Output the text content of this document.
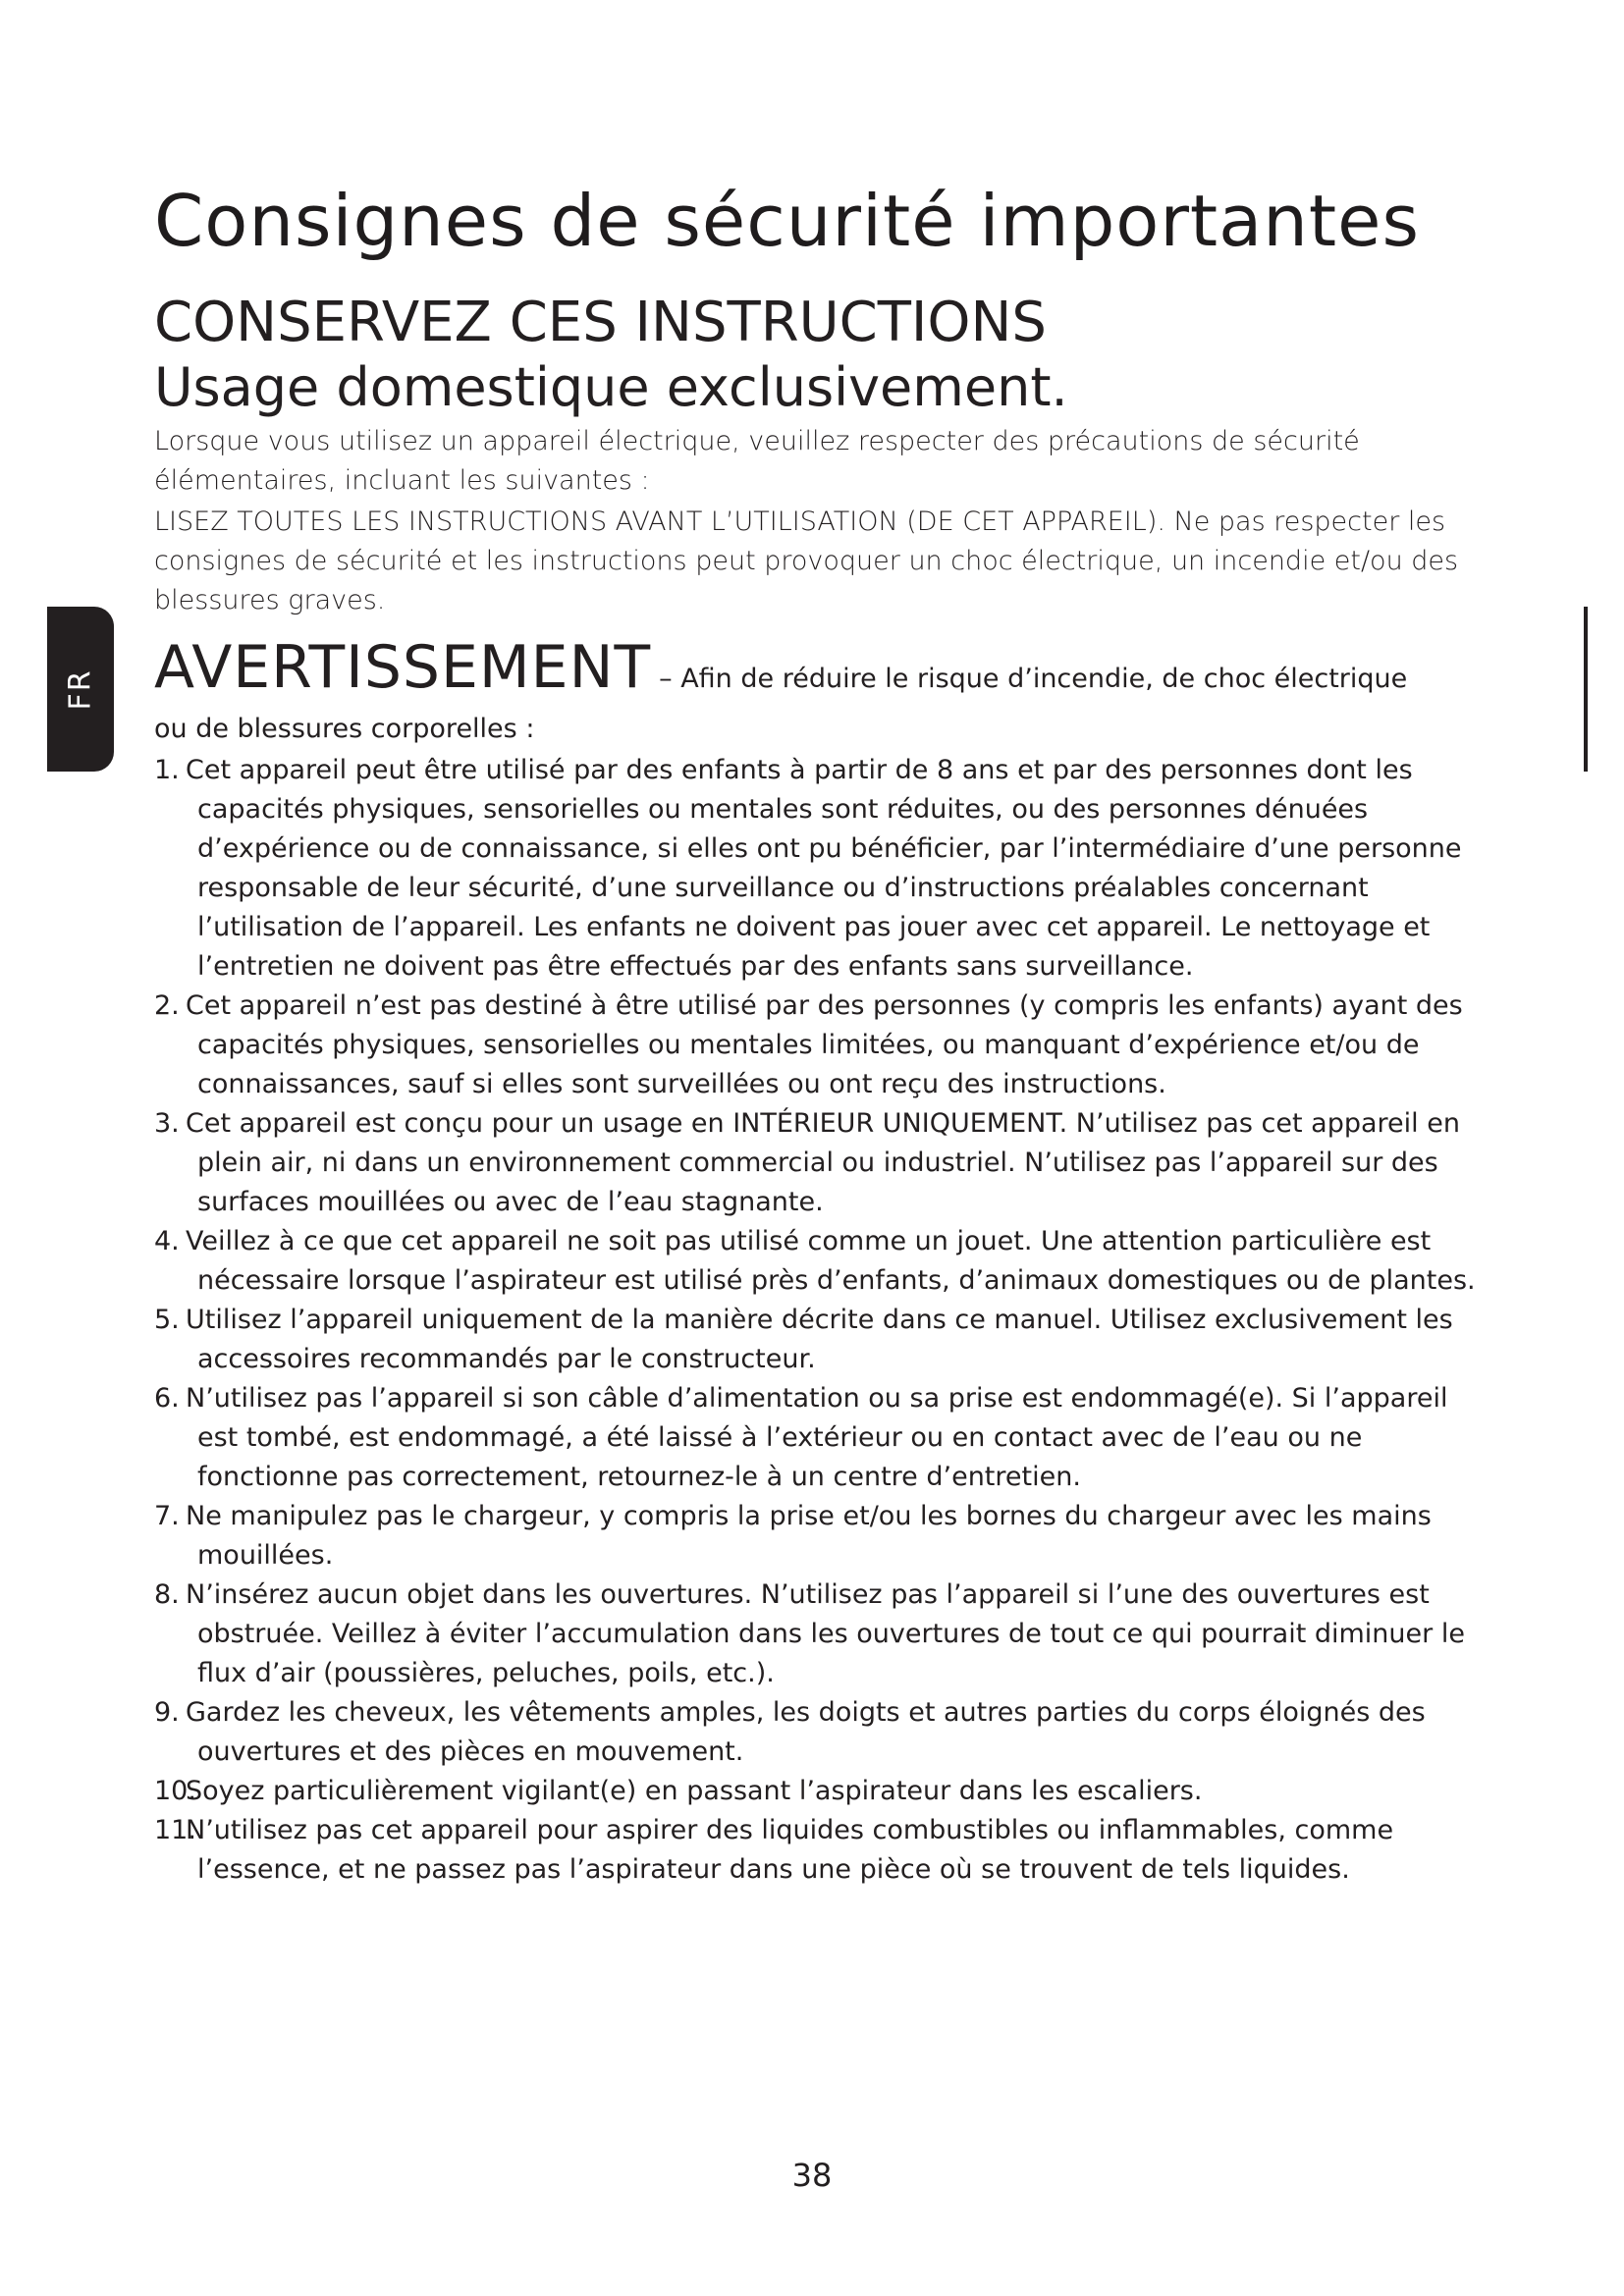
FR
Consignes de sécurité importantes
CONSERVEZ CES INSTRUCTIONS
Usage domestique exclusivement.

Lorsque vous utilisez un appareil électrique, veuillez respecter des précautions de sécurité élémentaires, incluant les suivantes :

LISEZ TOUTES LES INSTRUCTIONS AVANT L’UTILISATION (DE CET APPAREIL). Ne pas respecter les consignes de sécurité et les instructions peut provoquer un choc électrique, un incendie et/ou des blessures graves.

AVERTISSEMENT – Afin de réduire le risque d’incendie, de choc électrique
ou de blessures corporelles :
1. Cet appareil peut être utilisé par des enfants à partir de 8 ans et par des personnes dont les capacités physiques, sensorielles ou mentales sont réduites, ou des personnes dénuées d’expérience ou de connaissance, si elles ont pu bénéficier, par l’intermédiaire d’une personne responsable de leur sécurité, d’une surveillance ou d’instructions préalables concernant l’utilisation de l’appareil. Les enfants ne doivent pas jouer avec cet appareil. Le nettoyage et l’entretien ne doivent pas être effectués par des enfants sans surveillance.
2. Cet appareil n’est pas destiné à être utilisé par des personnes (y compris les enfants) ayant des capacités physiques, sensorielles ou mentales limitées, ou manquant d’expérience et/ou de connaissances, sauf si elles sont surveillées ou ont reçu des instructions.
3. Cet appareil est conçu pour un usage en INTÉRIEUR UNIQUEMENT. N’utilisez pas cet appareil en plein air, ni dans un environnement commercial ou industriel. N’utilisez pas l’appareil sur des surfaces mouillées ou avec de l’eau stagnante.
4. Veillez à ce que cet appareil ne soit pas utilisé comme un jouet. Une attention particulière est nécessaire lorsque l’aspirateur est utilisé près d’enfants, d’animaux domestiques ou de plantes.
5. Utilisez l’appareil uniquement de la manière décrite dans ce manuel. Utilisez exclusivement les accessoires recommandés par le constructeur.
6. N’utilisez pas l’appareil si son câble d’alimentation ou sa prise est endommagé(e). Si l’appareil est tombé, est endommagé, a été laissé à l’extérieur ou en contact avec de l’eau ou ne fonctionne pas correctement, retournez-le à un centre d’entretien.
7. Ne manipulez pas le chargeur, y compris la prise et/ou les bornes du chargeur avec les mains mouillées.
8. N’insérez aucun objet dans les ouvertures. N’utilisez pas l’appareil si l’une des ouvertures est obstruée. Veillez à éviter l’accumulation dans les ouvertures de tout ce qui pourrait diminuer le flux d’air (poussières, peluches, poils, etc.).
9. Gardez les cheveux, les vêtements amples, les doigts et autres parties du corps éloignés des ouvertures et des pièces en mouvement.
10.
Soyez particulièrement vigilant(e) en passant l’aspirateur dans les escaliers.
11.
N’utilisez pas cet appareil pour aspirer des liquides combustibles ou inflammables, comme l’essence, et ne passez pas l’aspirateur dans une pièce où se trouvent de tels liquides.
38
